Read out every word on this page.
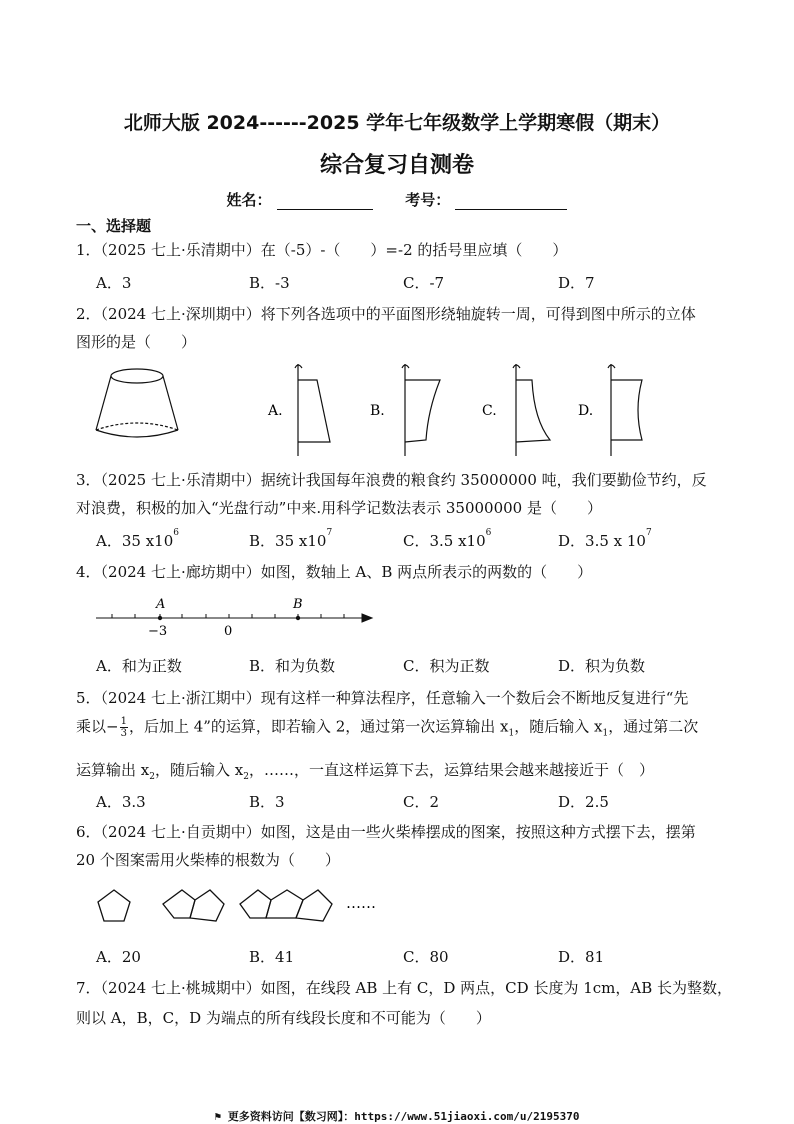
北师大版 2024------2025 学年七年级数学上学期寒假（期末）
综合复习自测卷
姓名：	考号：
一、选择题
1．（2025 七上·乐清期中）在（-5）-（　　）=-2 的括号里应填（　　）
A．3	B．-3	C．-7	D．7
2．（2024 七上·深圳期中）将下列各选项中的平面图形绕轴旋转一周，可得到图中所示的立体
图形的是（　　）
A.	B.	C.	D.
3．（2025 七上·乐清期中）据统计我国每年浪费的粮食约 35000000 吨，我们要勤俭节约，反
对浪费，积极的加入“光盘行动”中来.用科学记数法表示 35000000 是（　　）
A．35 $x10^6$	B．35 $x10^7$	C．3.5 $x10^6$	D．3.5 x $10^7$
4．（2024 七上·廊坊期中）如图，数轴上 A、B 两点所表示的两数的（　　）
A	B
−3	0
A．和为正数	B．和为负数	C．积为正数	D．积为负数
5．（2024 七上·浙江期中）现有这样一种算法程序，任意输入一个数后会不断地反复进行“先
乘以− $\frac{1}{3}$ ，后加上 4”的运算，即若输入 2，通过第一次运算输出 $x_1$，随后输入 $x_1$，通过第二次
运算输出 $x_2$，随后输入 $x_2$，……，一直这样运算下去，运算结果会越来越接近于（　）
A．3.3	B．3	C．2	D．2.5
6．（2024 七上·自贡期中）如图，这是由一些火柴棒摆成的图案，按照这种方式摆下去，摆第
20 个图案需用火柴棒的根数为（　　）
……
A．20	B．41	C．80	D．81
7．（2024 七上·桃城期中）如图，在线段 AB 上有 C，D 两点，CD 长度为 1cm，AB 长为整数，
则以 A，B，C，D 为端点的所有线段长度和不可能为（　　）
⚑ 更多资料访问【数习网】：https://www.51jiaoxi.com/u/2195370
